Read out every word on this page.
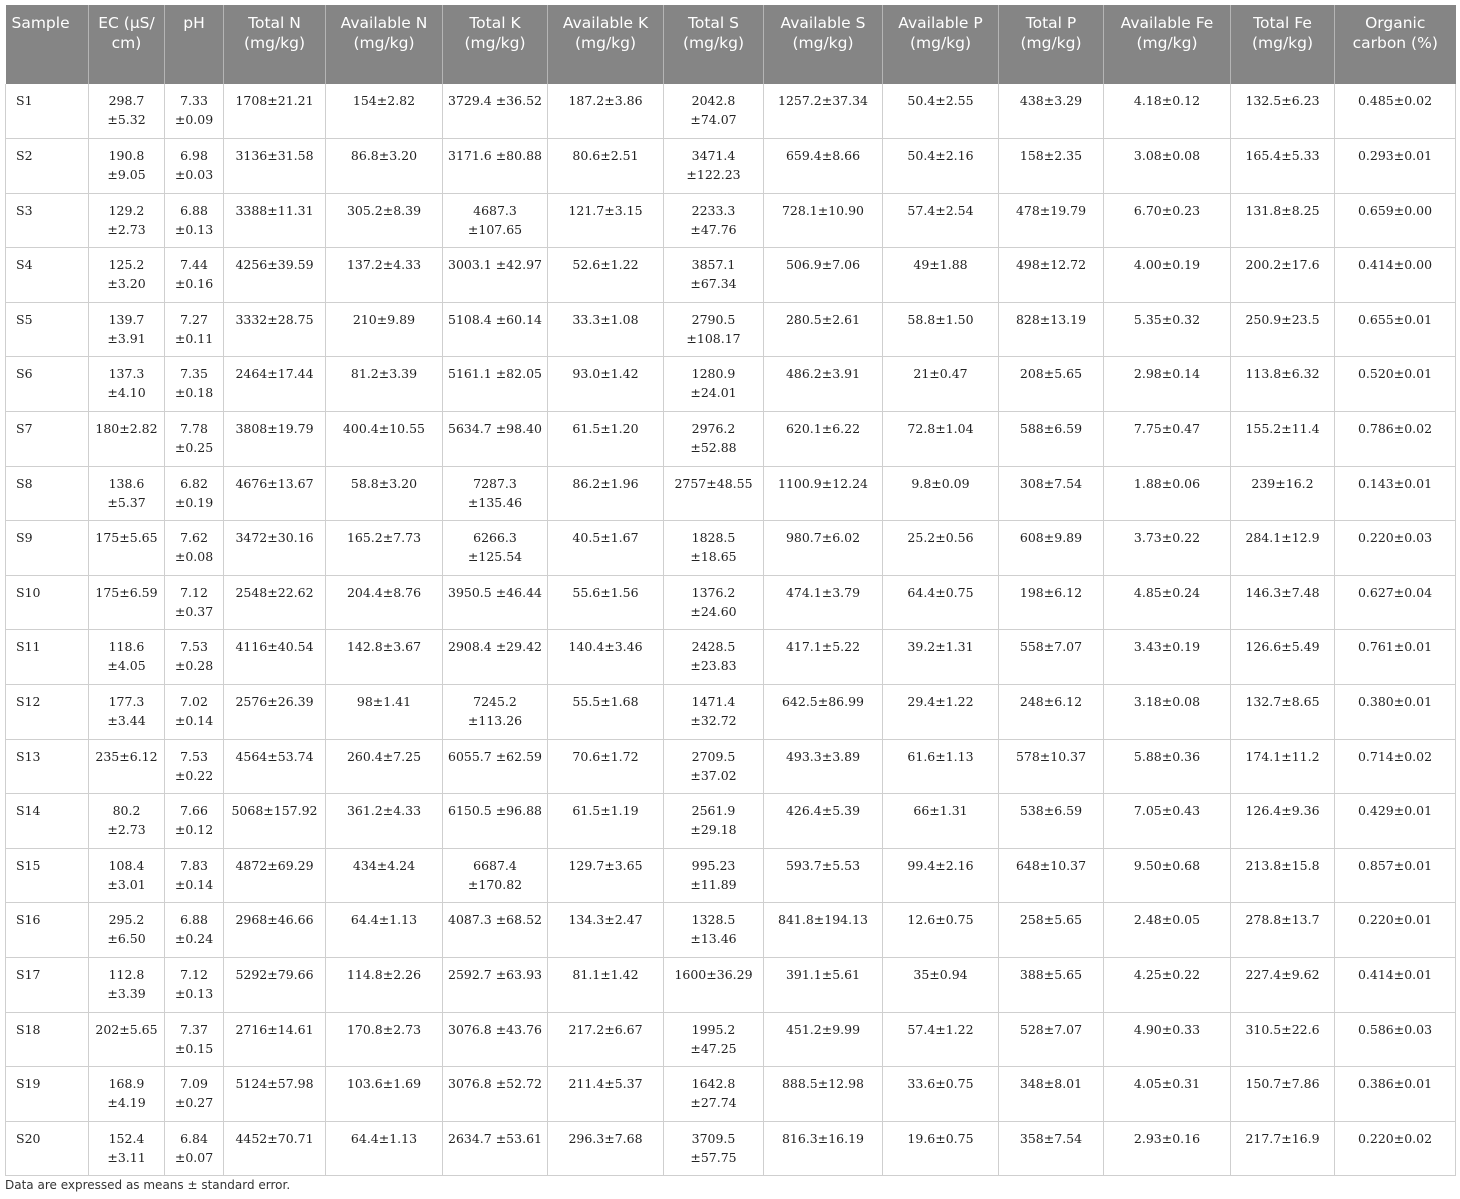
Sample	EC (µS/ cm)	pH	Total N (mg/kg)	Available N (mg/kg)	Total K (mg/kg)	Available K (mg/kg)	Total S (mg/kg)	Available S (mg/kg)	Available P (mg/kg)	Total P (mg/kg)	Available Fe (mg/kg)	Total Fe (mg/kg)	Organic carbon (%)
S1	298.7 ±5.32	7.33 ±0.09	1708±21.21	154±2.82	3729.4 ±36.52	187.2±3.86	2042.8 ±74.07	1257.2±37.34	50.4±2.55	438±3.29	4.18±0.12	132.5±6.23	0.485±0.02
S2	190.8 ±9.05	6.98 ±0.03	3136±31.58	86.8±3.20	3171.6 ±80.88	80.6±2.51	3471.4 ±122.23	659.4±8.66	50.4±2.16	158±2.35	3.08±0.08	165.4±5.33	0.293±0.01
S3	129.2 ±2.73	6.88 ±0.13	3388±11.31	305.2±8.39	4687.3 ±107.65	121.7±3.15	2233.3 ±47.76	728.1±10.90	57.4±2.54	478±19.79	6.70±0.23	131.8±8.25	0.659±0.00
S4	125.2 ±3.20	7.44 ±0.16	4256±39.59	137.2±4.33	3003.1 ±42.97	52.6±1.22	3857.1 ±67.34	506.9±7.06	49±1.88	498±12.72	4.00±0.19	200.2±17.6	0.414±0.00
S5	139.7 ±3.91	7.27 ±0.11	3332±28.75	210±9.89	5108.4 ±60.14	33.3±1.08	2790.5 ±108.17	280.5±2.61	58.8±1.50	828±13.19	5.35±0.32	250.9±23.5	0.655±0.01
S6	137.3 ±4.10	7.35 ±0.18	2464±17.44	81.2±3.39	5161.1 ±82.05	93.0±1.42	1280.9 ±24.01	486.2±3.91	21±0.47	208±5.65	2.98±0.14	113.8±6.32	0.520±0.01
S7	180±2.82	7.78 ±0.25	3808±19.79	400.4±10.55	5634.7 ±98.40	61.5±1.20	2976.2 ±52.88	620.1±6.22	72.8±1.04	588±6.59	7.75±0.47	155.2±11.4	0.786±0.02
S8	138.6 ±5.37	6.82 ±0.19	4676±13.67	58.8±3.20	7287.3 ±135.46	86.2±1.96	2757±48.55	1100.9±12.24	9.8±0.09	308±7.54	1.88±0.06	239±16.2	0.143±0.01
S9	175±5.65	7.62 ±0.08	3472±30.16	165.2±7.73	6266.3 ±125.54	40.5±1.67	1828.5 ±18.65	980.7±6.02	25.2±0.56	608±9.89	3.73±0.22	284.1±12.9	0.220±0.03
S10	175±6.59	7.12 ±0.37	2548±22.62	204.4±8.76	3950.5 ±46.44	55.6±1.56	1376.2 ±24.60	474.1±3.79	64.4±0.75	198±6.12	4.85±0.24	146.3±7.48	0.627±0.04
S11	118.6 ±4.05	7.53 ±0.28	4116±40.54	142.8±3.67	2908.4 ±29.42	140.4±3.46	2428.5 ±23.83	417.1±5.22	39.2±1.31	558±7.07	3.43±0.19	126.6±5.49	0.761±0.01
S12	177.3 ±3.44	7.02 ±0.14	2576±26.39	98±1.41	7245.2 ±113.26	55.5±1.68	1471.4 ±32.72	642.5±86.99	29.4±1.22	248±6.12	3.18±0.08	132.7±8.65	0.380±0.01
S13	235±6.12	7.53 ±0.22	4564±53.74	260.4±7.25	6055.7 ±62.59	70.6±1.72	2709.5 ±37.02	493.3±3.89	61.6±1.13	578±10.37	5.88±0.36	174.1±11.2	0.714±0.02
S14	80.2 ±2.73	7.66 ±0.12	5068±157.92	361.2±4.33	6150.5 ±96.88	61.5±1.19	2561.9 ±29.18	426.4±5.39	66±1.31	538±6.59	7.05±0.43	126.4±9.36	0.429±0.01
S15	108.4 ±3.01	7.83 ±0.14	4872±69.29	434±4.24	6687.4 ±170.82	129.7±3.65	995.23 ±11.89	593.7±5.53	99.4±2.16	648±10.37	9.50±0.68	213.8±15.8	0.857±0.01
S16	295.2 ±6.50	6.88 ±0.24	2968±46.66	64.4±1.13	4087.3 ±68.52	134.3±2.47	1328.5 ±13.46	841.8±194.13	12.6±0.75	258±5.65	2.48±0.05	278.8±13.7	0.220±0.01
S17	112.8 ±3.39	7.12 ±0.13	5292±79.66	114.8±2.26	2592.7 ±63.93	81.1±1.42	1600±36.29	391.1±5.61	35±0.94	388±5.65	4.25±0.22	227.4±9.62	0.414±0.01
S18	202±5.65	7.37 ±0.15	2716±14.61	170.8±2.73	3076.8 ±43.76	217.2±6.67	1995.2 ±47.25	451.2±9.99	57.4±1.22	528±7.07	4.90±0.33	310.5±22.6	0.586±0.03
S19	168.9 ±4.19	7.09 ±0.27	5124±57.98	103.6±1.69	3076.8 ±52.72	211.4±5.37	1642.8 ±27.74	888.5±12.98	33.6±0.75	348±8.01	4.05±0.31	150.7±7.86	0.386±0.01
S20	152.4 ±3.11	6.84 ±0.07	4452±70.71	64.4±1.13	2634.7 ±53.61	296.3±7.68	3709.5 ±57.75	816.3±16.19	19.6±0.75	358±7.54	2.93±0.16	217.7±16.9	0.220±0.02
Data are expressed as means ± standard error.
